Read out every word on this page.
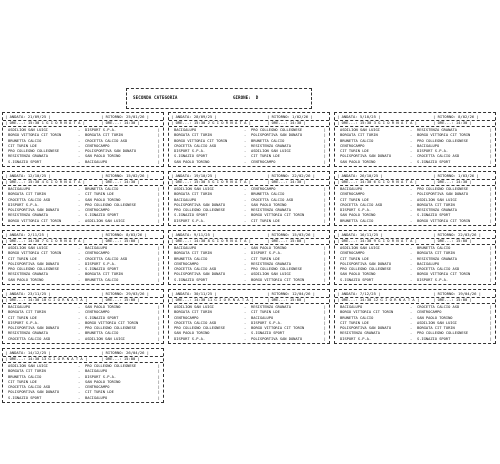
SECONDA CATEGORIA	GIRONE: D
| ANDATA: 21/09/25 |	| RITORNO: 25/01/26 |
| ORE...: 15:30 1 G I O R N A T A |	| ORE...: 14:30 |
ASDILION SAN LUIGI	- DISPORT S.P.A.	|
BORGO VITTORIA CIT TORIN	- BORGATA CIT TORIN	|
BRUNETTA CALCIO	- CROCETTA CALCIO ASD	|
CIT TURIN LDE	- CENTROCAMPO	|
PRO COLLEGNO COLLEGNESE	- POLISPORTIVA SAN DONATO	|
RESISTENZA GRANATA	- SAN PAOLO TORINO	|
S.IGNAZIO SPORT	- BACIGALUPO	|
| ANDATA: 28/09/25 |	| RITORNO: 1/02/26 |
| ORE...: 15:30 2 G I O R N A T A |	| ORE...: 14:30 |
BACIGALUPO	- PRO COLLEGNO COLLEGNESE	|
BORGATA CIT TORIN	- POLISPORTIVA SAN DONATO	|
BORGO VITTORIA CIT TORIN	- BRUNETTA CALCIO	|
CROCETTA CALCIO ASD	- RESISTENZA GRANATA	|
DISPORT S.P.A.	- ASDILION SAN LUIGI	|
S.IGNAZIO SPORT	- CIT TURIN LDE	|
SAN PAOLO TORINO	- CENTROCAMPO	|
| ANDATA: 5/10/25 |	| RITORNO: 8/02/26 |
| ORE...: 15:30 3 G I O R N A T A |	| ORE...: 14:30 |
ASDILION SAN LUIGI	- RESISTENZA GRANATA	|
BORGATA CIT TORIN	- BORGO VITTORIA CIT TORIN	|
BRUNETTA CALCIO	- PRO COLLEGNO COLLEGNESE	|
CENTROCAMPO	- BACIGALUPO	|
CIT TURIN LDE	- DISPORT S.P.A.	|
POLISPORTIVA SAN DONATO	- CROCETTA CALCIO ASD	|
SAN PAOLO TORINO	- S.IGNAZIO SPORT	|
| ANDATA: 12/10/25 |	| RITORNO: 15/02/26 |
| ORE...: 15:30 4 G I O R N A T A |	| ORE...: 14:30 |
BACIGALUPO	- BRUNETTA CALCIO	|
BORGATA CIT TORIN	- CIT TURIN LDE	|
CROCETTA CALCIO ASD	- SAN PAOLO TORINO	|
DISPORT S.P.A.	- PRO COLLEGNO COLLEGNESE	|
POLISPORTIVA SAN DONATO	- CENTROCAMPO	|
RESISTENZA GRANATA	- S.IGNAZIO SPORT	|
BORGO VITTORIA CIT TORIN	- ASDILION SAN LUIGI	|
| ANDATA: 19/10/25 |	| RITORNO: 22/02/26 |
| ORE...: 15:30 5 G I O R N A T A |	| ORE...: 14:30 |
ASDILION SAN LUIGI	- CENTROCAMPO	|
BORGATA CIT TORIN	- BRUNETTA CALCIO	|
BACIGALUPO	- CROCETTA CALCIO ASD	|
POLISPORTIVA SAN DONATO	- SAN PAOLO TORINO	|
PRO COLLEGNO COLLEGNESE	- RESISTENZA GRANATA	|
S.IGNAZIO SPORT	- BORGO VITTORIA CIT TORIN	|
DISPORT S.P.A.	- CIT TURIN LDE	|
| ANDATA: 26/10/25 |	| RITORNO: 1/03/26 |
| ORE...: 14:30 6 G I O R N A T A |	| ORE...: 14:30 |
BACIGALUPO	- PRO COLLEGNO COLLEGNESE	|
CENTROCAMPO	- POLISPORTIVA SAN DONATO	|
CIT TURIN LDE	- ASDILION SAN LUIGI	|
CROCETTA CALCIO ASD	- BORGATA CIT TORIN	|
DISPORT S.P.A.	- RESISTENZA GRANATA	|
SAN PAOLO TORINO	- S.IGNAZIO SPORT	|
BRUNETTA CALCIO	- BORGO VITTORIA CIT TORIN	|
| ANDATA: 2/11/25 |	| RITORNO: 8/03/26 |
| ORE...: 14:30 7 G I O R N A T A |	| ORE...: 15:00 |
ASDILION SAN LUIGI	- BACIGALUPO	|
BORGO VITTORIA CIT TORIN	- CENTROCAMPO	|
CIT TURIN LDE	- CROCETTA CALCIO ASD	|
POLISPORTIVA SAN DONATO	- DISPORT S.P.A.	|
PRO COLLEGNO COLLEGNESE	- S.IGNAZIO SPORT	|
RESISTENZA GRANATA	- BORGATA CIT TORIN	|
SAN PAOLO TORINO	- BRUNETTA CALCIO	|
| ANDATA: 9/11/25 |	| RITORNO: 15/03/26 |
| ORE...: 14:30 8 G I O R N A T A |	| ORE...: 15:00 |
BACIGALUPO	- SAN PAOLO TORINO	|
BORGATA CIT TORIN	- DISPORT S.P.A.	|
BRUNETTA CALCIO	- CIT TURIN LDE	|
CENTROCAMPO	- RESISTENZA GRANATA	|
CROCETTA CALCIO ASD	- PRO COLLEGNO COLLEGNESE	|
POLISPORTIVA SAN DONATO	- ASDILION SAN LUIGI	|
S.IGNAZIO SPORT	- BORGO VITTORIA CIT TORIN	|
| ANDATA: 16/11/25 |	| RITORNO: 22/03/26 |
| ORE...: 14:30 9 G I O R N A T A |	| ORE...: 15:00 |
ASDILION SAN LUIGI	- BRUNETTA CALCIO	|
CENTROCAMPO	- BORGATA CIT TORIN	|
CIT TURIN LDE	- RESISTENZA GRANATA	|
POLISPORTIVA SAN DONATO	- BACIGALUPO	|
PRO COLLEGNO COLLEGNESE	- CROCETTA CALCIO ASD	|
SAN PAOLO TORINO	- BORGO VITTORIA CIT TORIN	|
S.IGNAZIO SPORT	- DISPORT S.P.A.	|
| ANDATA: 23/11/25 |	| RITORNO: 29/03/26 |
| ORE...: 14:30 10 G I O R N A T A |	| ORE...: 15:00 |
BACIGALUPO	- SAN PAOLO TORINO	|
BORGATA CIT TORIN	- CENTROCAMPO	|
CIT TURIN LDE	- S.IGNAZIO SPORT	|
DISPORT S.P.A.	- BORGO VITTORIA CIT TORIN	|
POLISPORTIVA SAN DONATO	- PRO COLLEGNO COLLEGNESE	|
RESISTENZA GRANATA	- BRUNETTA CALCIO	|
CROCETTA CALCIO ASD	- ASDILION SAN LUIGI	|
| ANDATA: 30/11/25 |	| RITORNO: 12/04/26 |
| ORE...: 14:30 11 G I O R N A T A |	| ORE...: 15:00 |
ASDILION SAN LUIGI	- RESISTENZA GRANATA	|
BORGATA CIT TORIN	- CIT TURIN LDE	|
CENTROCAMPO	- BACIGALUPO	|
CROCETTA CALCIO ASD	- DISPORT S.P.A.	|
PRO COLLEGNO COLLEGNESE	- BORGO VITTORIA CIT TORIN	|
SAN PAOLO TORINO	- S.IGNAZIO SPORT	|
DISPORT S.P.A.	- POLISPORTIVA SAN DONATO	|
| ANDATA: 7/12/25 |	| RITORNO: 19/04/26 |
| ORE...: 14:30 12 G I O R N A T A |	| ORE...: 15:00 |
BACIGALUPO	- CROCETTA CALCIO ASD	|
BORGO VITTORIA CIT TORIN	- CENTROCAMPO	|
BRUNETTA CALCIO	- SAN PAOLO TORINO	|
CIT TURIN LDE	- ASDILION SAN LUIGI	|
POLISPORTIVA SAN DONATO	- BORGATA CIT TORIN	|
RESISTENZA GRANATA	- PRO COLLEGNO COLLEGNESE	|
DISPORT S.P.A.	- S.IGNAZIO SPORT	|
| ANDATA: 14/12/25 |	| RITORNO: 26/04/26 |
| ORE...: 14:30 13 G I O R N A T A |	| ORE...: 15:00 |
ASDILION SAN LUIGI	- PRO COLLEGNO COLLEGNESE	|
BORGATA CIT TORIN	- BACIGALUPO	|
BRUNETTA CALCIO	- DISPORT S.P.A.	|
CIT TURIN LDE	- SAN PAOLO TORINO	|
CROCETTA CALCIO ASD	- CENTROCAMPO	|
POLISPORTIVA SAN DONATO	- CIT TURIN LDE	|
S.IGNAZIO SPORT	- BACIGALUPO	|
